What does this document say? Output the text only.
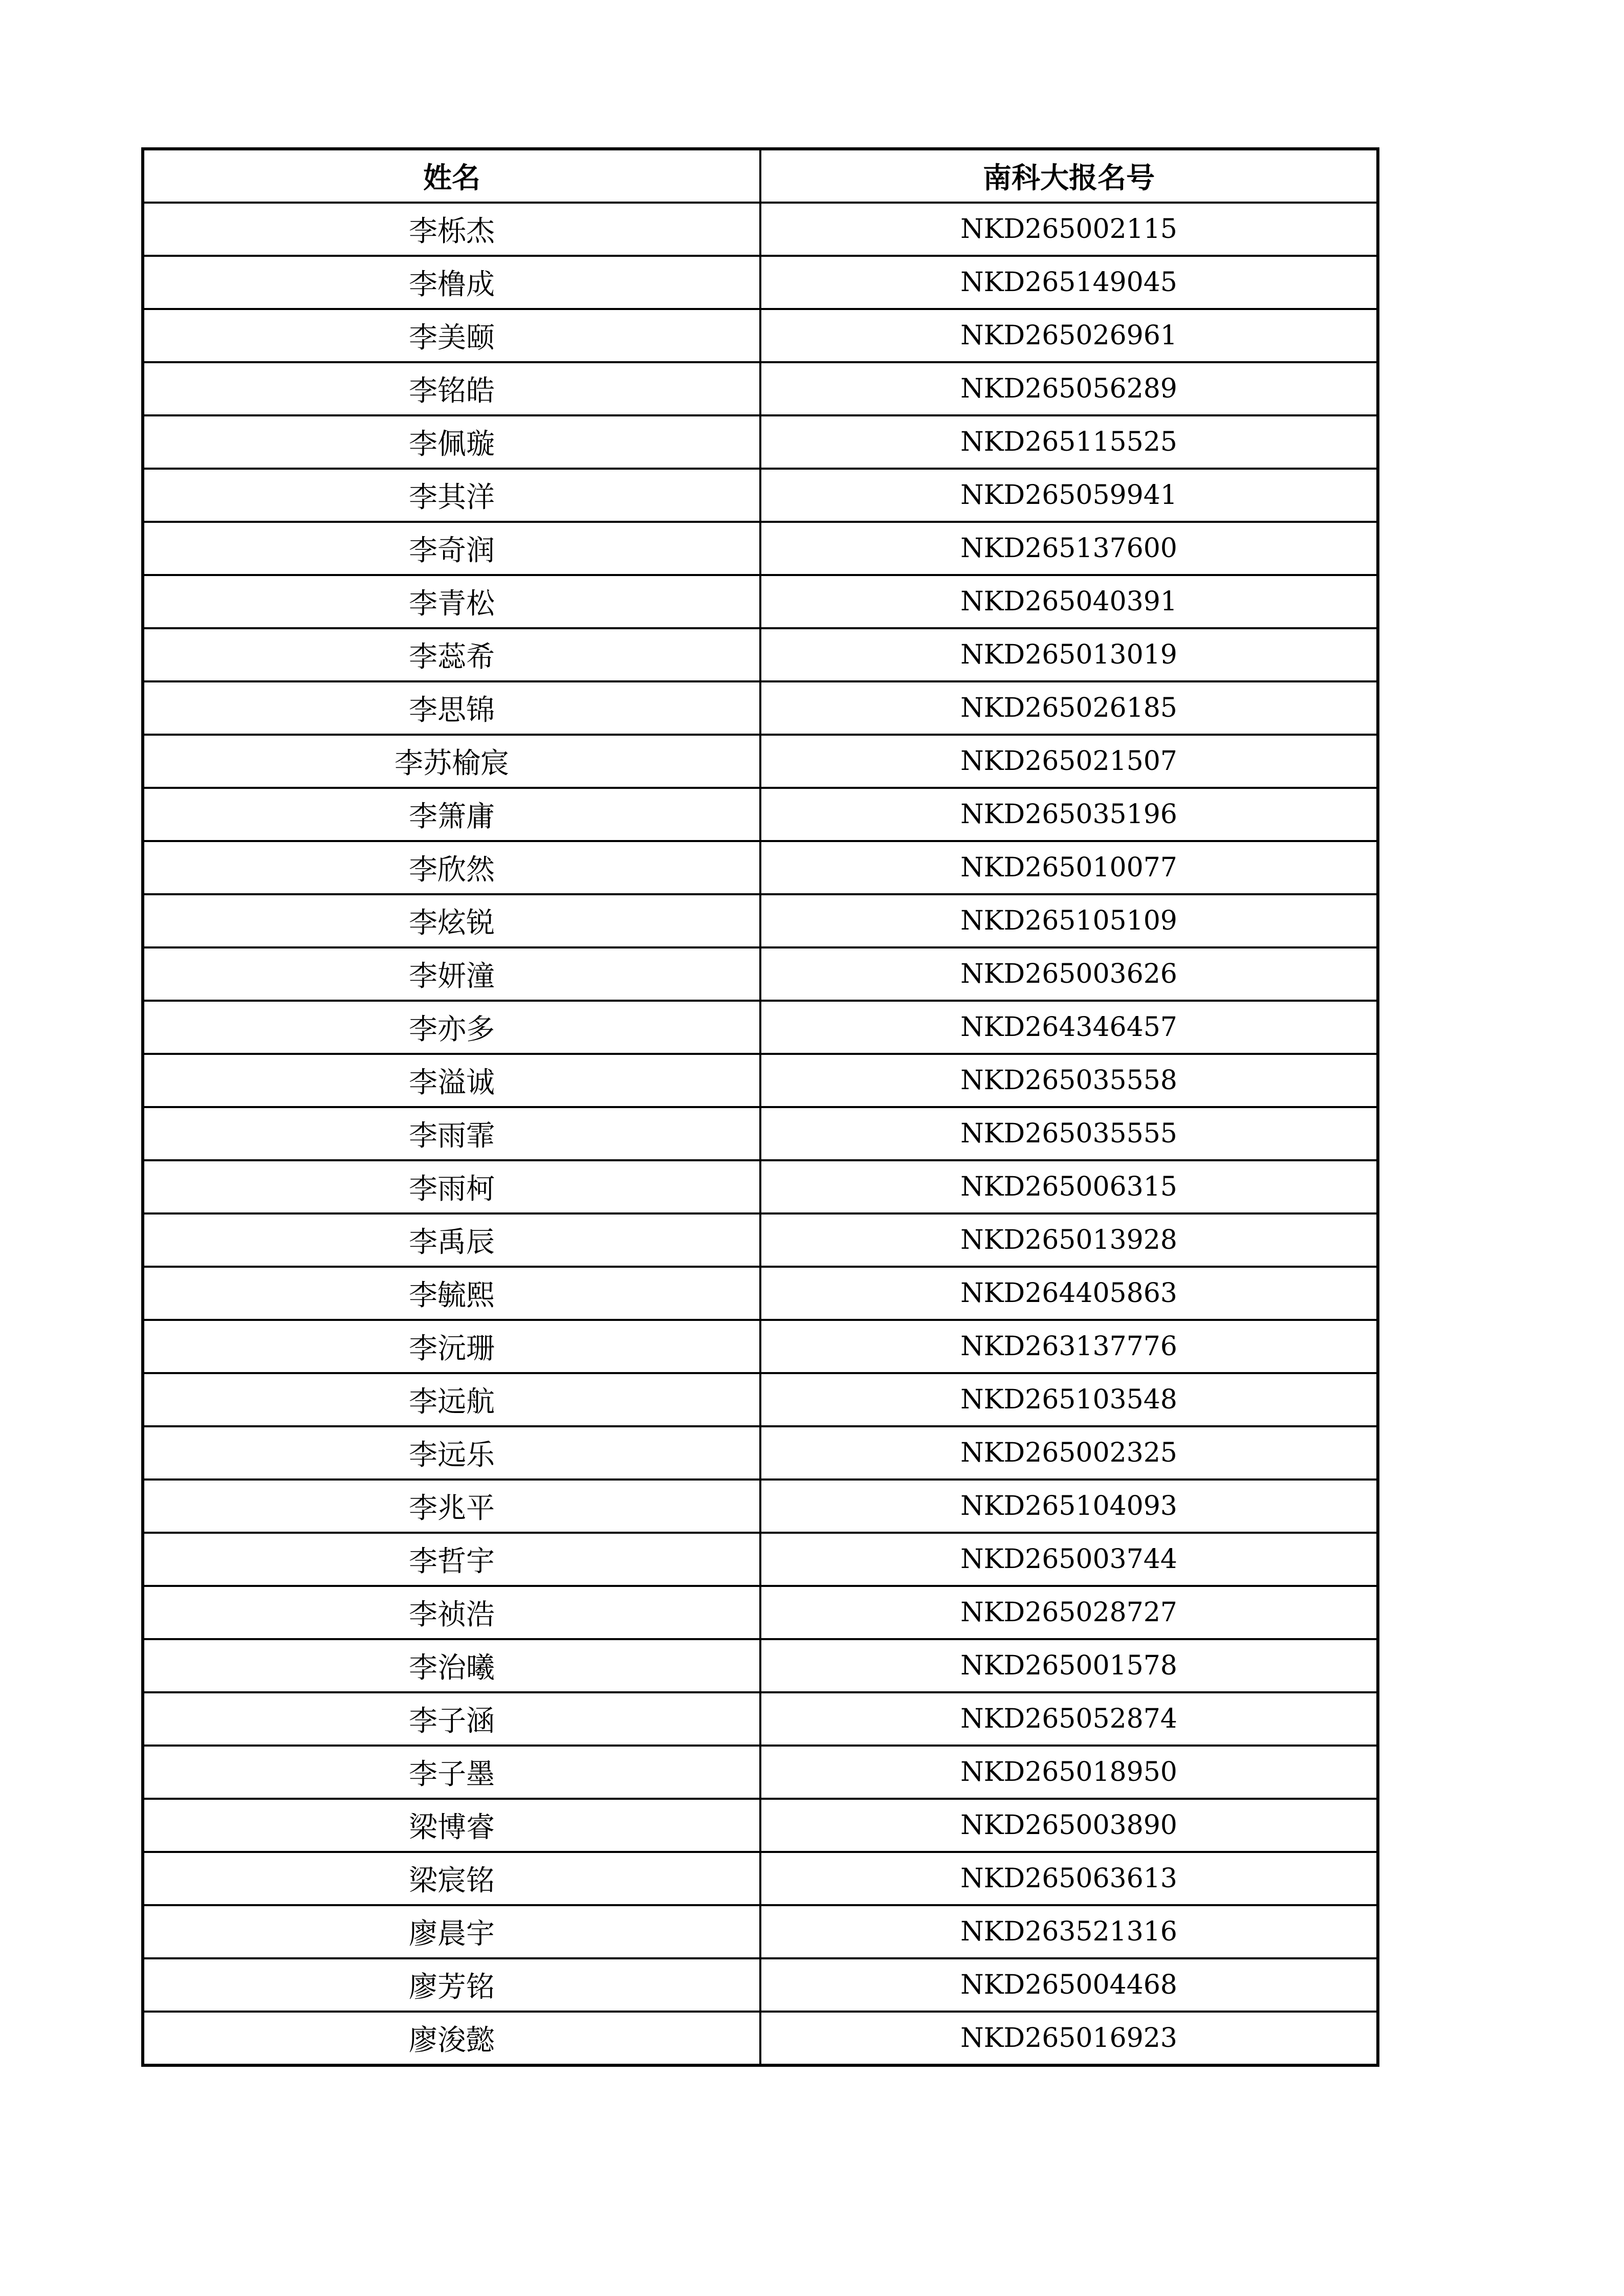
姓名	南科大报名号
李栎杰	NKD265002115
李橹成	NKD265149045
李美颐	NKD265026961
李铭皓	NKD265056289
李佩璇	NKD265115525
李其洋	NKD265059941
李奇润	NKD265137600
李青松	NKD265040391
李蕊希	NKD265013019
李思锦	NKD265026185
李苏榆宸	NKD265021507
李箫庸	NKD265035196
李欣然	NKD265010077
李炫锐	NKD265105109
李妍潼	NKD265003626
李亦多	NKD264346457
李溢诚	NKD265035558
李雨霏	NKD265035555
李雨柯	NKD265006315
李禹辰	NKD265013928
李毓熙	NKD264405863
李沅珊	NKD263137776
李远航	NKD265103548
李远乐	NKD265002325
李兆平	NKD265104093
李哲宇	NKD265003744
李祯浩	NKD265028727
李治曦	NKD265001578
李子涵	NKD265052874
李子墨	NKD265018950
梁博睿	NKD265003890
梁宸铭	NKD265063613
廖晨宇	NKD263521316
廖芳铭	NKD265004468
廖浚懿	NKD265016923
